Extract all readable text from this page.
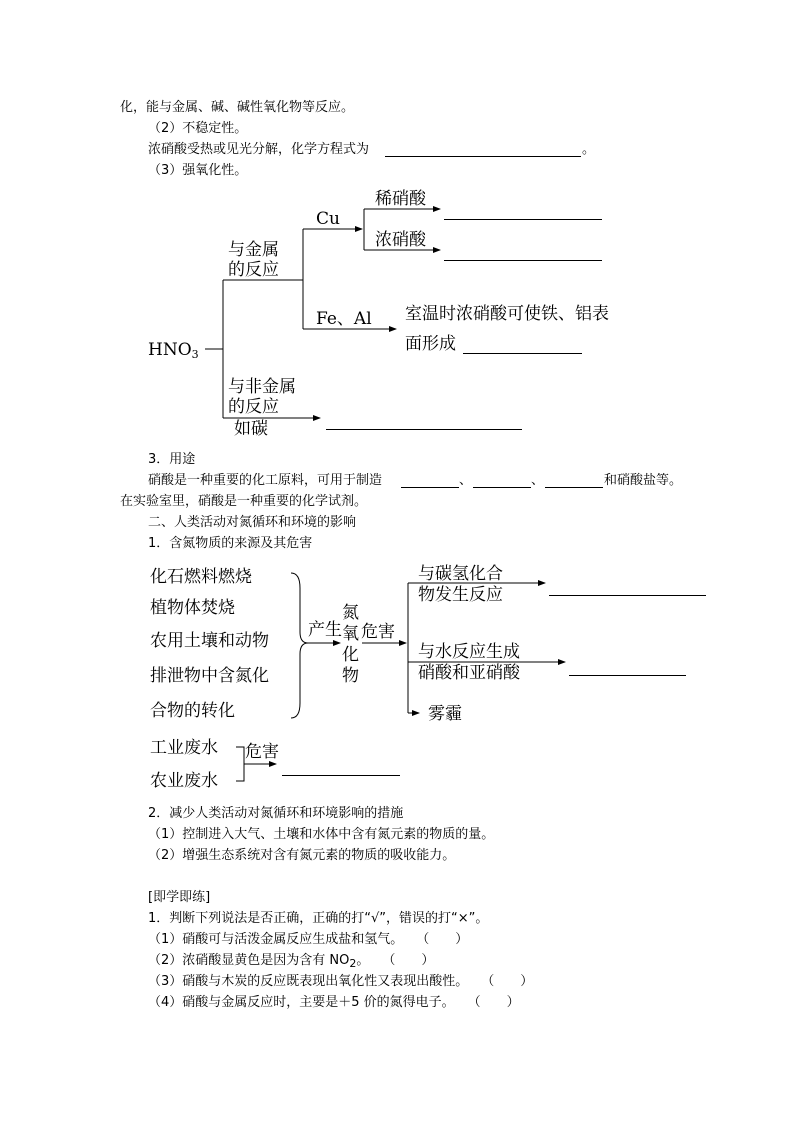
化，能与金属、碱、碱性氧化物等反应。
（2）不稳定性。
浓硝酸受热或见光分解，化学方程式为	。
（3）强氧化性。
$HNO_3$
与金属
的反应
Cu
稀硝酸
浓硝酸
Fe、Al 室温时浓硝酸可使铁、铝表
面形成
与非金属
的反应
如碳
3．用途
硝酸是一种重要的化工原料，可用于制造	、	、	和硝酸盐等。
在实验室里，硝酸是一种重要的化学试剂。
二、人类活动对氮循环和环境的影响
1．含氮物质的来源及其危害
化石燃料燃烧
植物体焚烧
农用土壤和动物
排泄物中含氮化
合物的转化
产生
氮
氧
化
物
危害
与碳氢化合
物发生反应
与水反应生成
硝酸和亚硝酸
雾霾
工业废水
农业废水
危害
2．减少人类活动对氮循环和环境影响的措施
（1）控制进入大气、土壤和水体中含有氮元素的物质的量。
（2）增强生态系统对含有氮元素的物质的吸收能力。
[即学即练]
1．判断下列说法是否正确，正确的打“√”，错误的打“×”。
（1）硝酸可与活泼金属反应生成盐和氢气。　　（　　）
（2）浓硝酸显黄色是因为含有 $NO_2$。　　（　　）
（3）硝酸与木炭的反应既表现出氧化性又表现出酸性。　　（　　）
（4）硝酸与金属反应时，主要是＋5 价的氮得电子。　　（　　）
